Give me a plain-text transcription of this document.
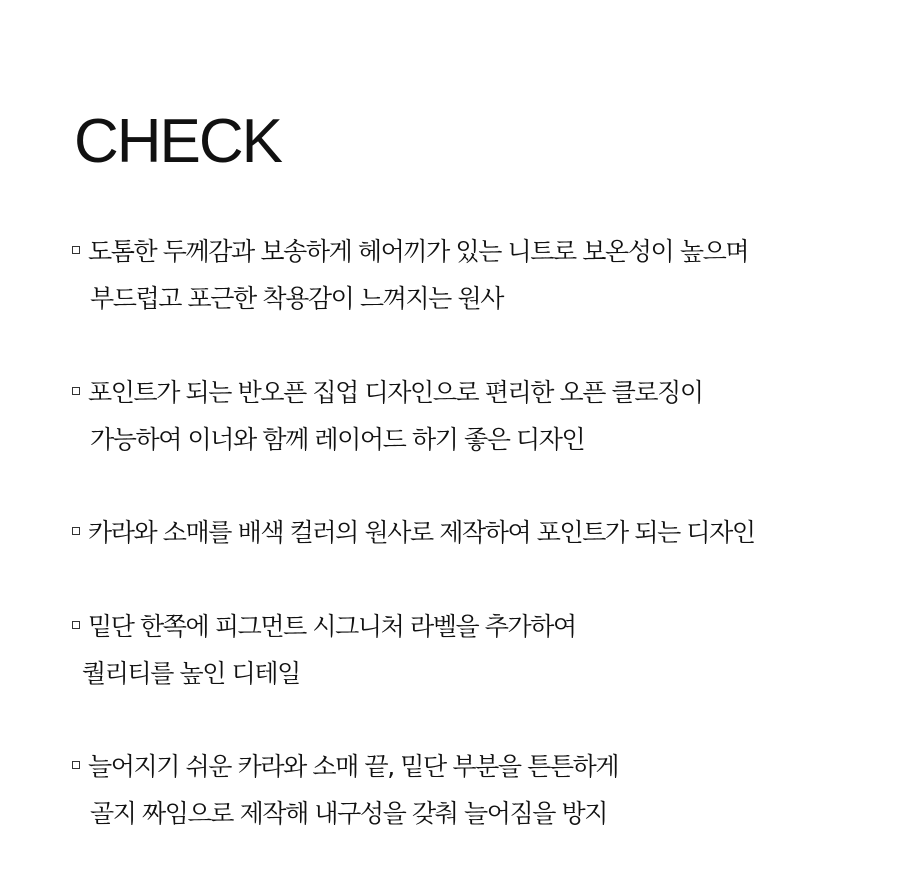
CHECK
도톰한 두께감과 보송하게 헤어끼가 있는 니트로 보온성이 높으며
부드럽고 포근한 착용감이 느껴지는 원사
포인트가 되는 반오픈 집업 디자인으로 편리한 오픈 클로징이
가능하여 이너와 함께 레이어드 하기 좋은 디자인
카라와 소매를 배색 컬러의 원사로 제작하여 포인트가 되는 디자인
밑단 한쪽에 피그먼트 시그니처 라벨을 추가하여
퀄리티를 높인 디테일
늘어지기 쉬운 카라와 소매 끝, 밑단 부분을 튼튼하게
골지 짜임으로 제작해 내구성을 갖춰 늘어짐을 방지
